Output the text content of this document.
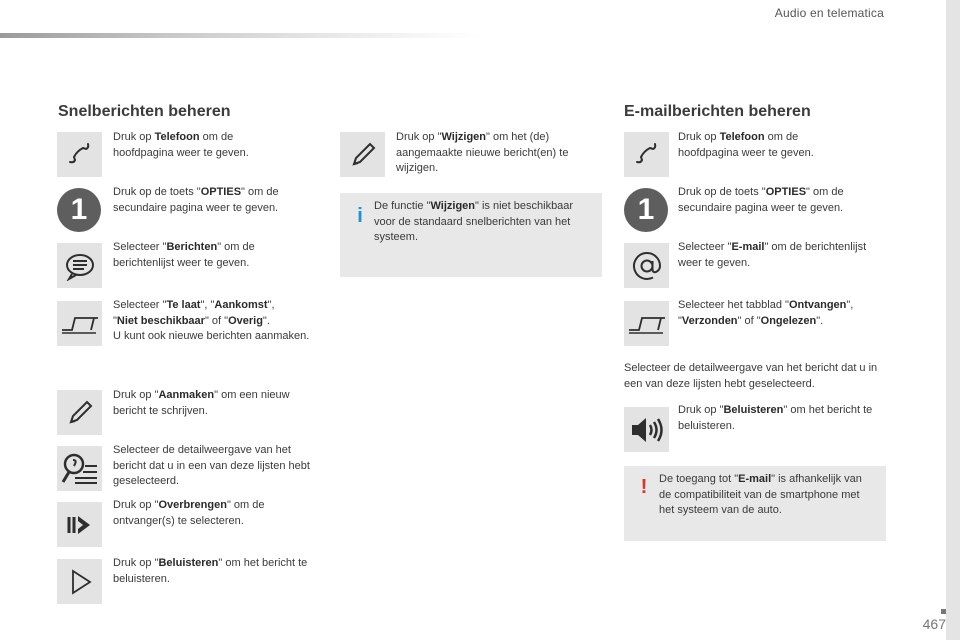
Audio en telematica
Snelberichten beheren
Druk op Telefoon om de hoofdpagina weer te geven.
1
Druk op de toets "OPTIES" om de secundaire pagina weer te geven.
Selecteer "Berichten" om de berichtenlijst weer te geven.
Selecteer "Te laat", "Aankomst",
"Niet beschikbaar" of "Overig".
U kunt ook nieuwe berichten aanmaken.
Druk op "Aanmaken" om een nieuw bericht te schrijven.
Selecteer de detailweergave van het bericht dat u in een van deze lijsten hebt geselecteerd.
Druk op "Overbrengen" om de ontvanger(s) te selecteren.
Druk op "Beluisteren" om het bericht te beluisteren.
Druk op "Wijzigen" om het (de) aangemaakte nieuwe bericht(en) te wijzigen.
i De functie "Wijzigen" is niet beschikbaar voor de standaard snelberichten van het systeem.
E-mailberichten beheren
Druk op Telefoon om de hoofdpagina weer te geven.
1
Druk op de toets "OPTIES" om de secundaire pagina weer te geven.
Selecteer "E-mail" om de berichtenlijst weer te geven.
Selecteer het tabblad "Ontvangen",
"Verzonden" of "Ongelezen".
Selecteer de detailweergave van het bericht dat u in een van deze lijsten hebt geselecteerd.
Druk op "Beluisteren" om het bericht te beluisteren.
! De toegang tot "E-mail" is afhankelijk van de compatibiliteit van de smartphone met het systeem van de auto.
467
